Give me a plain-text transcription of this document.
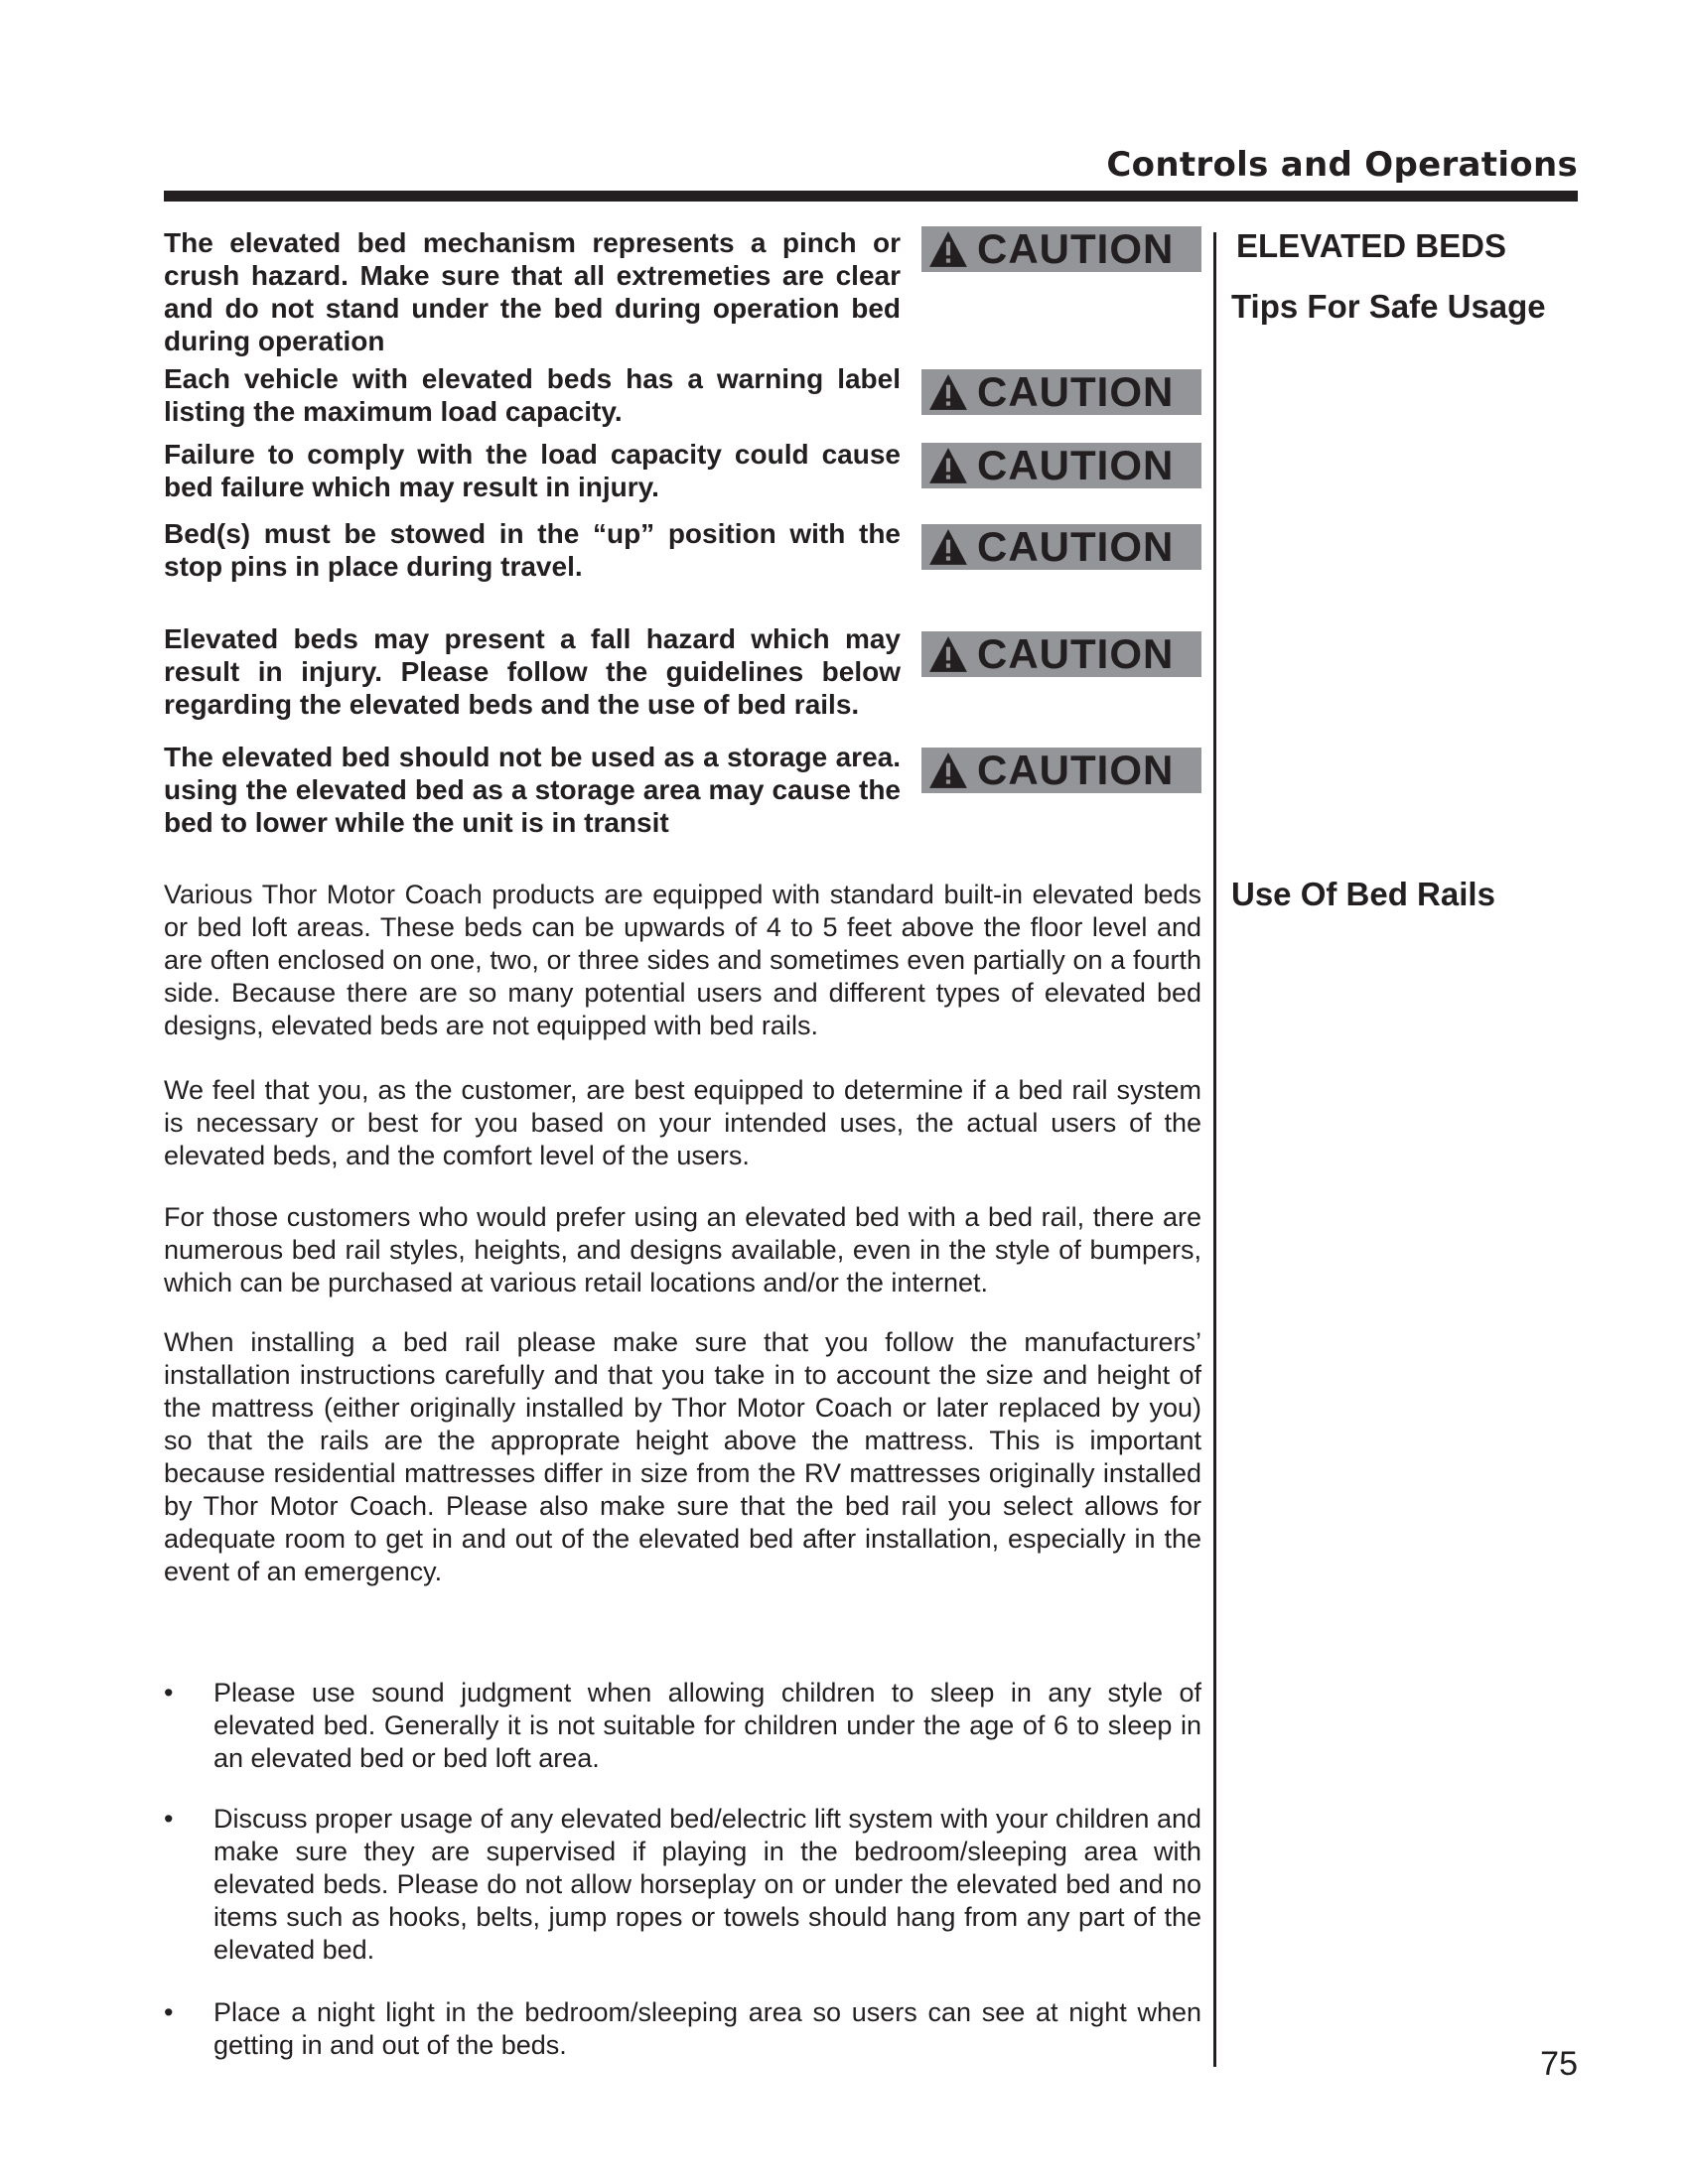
Controls and Operations

The elevated bed mechanism represents a pinch or crush hazard. Make sure that all extremeties are clear and do not stand under the bed during operation bed during operation

CAUTION

Each vehicle with elevated beds has a warning label listing the maximum load capacity.	CAUTION

Failure to comply with the load capacity could cause bed failure which may result in injury.	CAUTION

Bed(s) must be stowed in the “up” position with the stop pins in place during travel.	CAUTION

Elevated beds may present a fall hazard which may result in injury. Please follow the guidelines below regarding the elevated beds and the use of bed rails.

CAUTION

The elevated bed should not be used as a storage area. using the elevated bed as a storage area may cause the bed to lower while the unit is in transit

CAUTION
ELEVATED BEDS
Tips For Safe Usage
Use Of Bed Rails

Various Thor Motor Coach products are equipped with standard built-in elevated beds or bed loft areas. These beds can be upwards of 4 to 5 feet above the floor level and are often enclosed on one, two, or three sides and sometimes even partially on a fourth side. Because there are so many potential users and different types of elevated bed designs, elevated beds are not equipped with bed rails.

We feel that you, as the customer, are best equipped to determine if a bed rail system is necessary or best for you based on your intended uses, the actual users of the elevated beds, and the comfort level of the users.

For those customers who would prefer using an elevated bed with a bed rail, there are numerous bed rail styles, heights, and designs available, even in the style of bumpers, which can be purchased at various retail locations and/or the internet.

When installing a bed rail please make sure that you follow the manufacturers’ installation instructions carefully and that you take in to account the size and height of the mattress (either originally installed by Thor Motor Coach or later replaced by you) so that the rails are the approprate height above the mattress. This is important because residential mattresses differ in size from the RV mattresses originally installed by Thor Motor Coach. Please also make sure that the bed rail you select allows for adequate room to get in and out of the elevated bed after installation, especially in the event of an emergency.

• Please use sound judgment when allowing children to sleep in any style of elevated bed. Generally it is not suitable for children under the age of 6 to sleep in an elevated bed or bed loft area.

• Discuss proper usage of any elevated bed/electric lift system with your children and make sure they are supervised if playing in the bedroom/sleeping area with elevated beds. Please do not allow horseplay on or under the elevated bed and no items such as hooks, belts, jump ropes or towels should hang from any part of the elevated bed.

• Place a night light in the bedroom/sleeping area so users can see at night when getting in and out of the beds.	75
